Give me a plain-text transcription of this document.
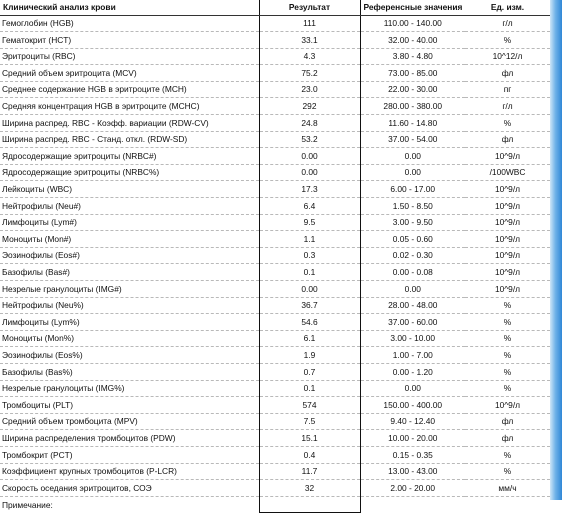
Клинический анализ крови	Результат	Референсные значения	Ед. изм.
Гемоглобин (HGB)	111	110.00 - 140.00	г/л
Гематокрит (HCT)	33.1	32.00 - 40.00	%
Эритроциты (RBC)	4.3	3.80 - 4.80	10^12/л
Средний объем эритроцита (MCV)	75.2	73.00 - 85.00	фл
Среднее содержание HGB в эритроците (MCH)	23.0	22.00 - 30.00	пг
Средняя концентрация HGB в эритроците (MCHC)	292	280.00 - 380.00	г/л
Ширина распред. RBC - Коэфф. вариации (RDW-CV)	24.8	11.60 - 14.80	%
Ширина распред. RBC - Станд. откл. (RDW-SD)	53.2	37.00 - 54.00	фл
Ядросодержащие эритроциты (NRBC#)	0.00	0.00	10^9/л
Ядросодержащие эритроциты (NRBC%)	0.00	0.00	/100WBC
Лейкоциты (WBC)	17.3	6.00 - 17.00	10^9/л
Нейтрофилы (Neu#)	6.4	1.50 - 8.50	10^9/л
Лимфоциты (Lym#)	9.5	3.00 - 9.50	10^9/л
Моноциты (Mon#)	1.1	0.05 - 0.60	10^9/л
Эозинофилы (Eos#)	0.3	0.02 - 0.30	10^9/л
Базофилы (Bas#)	0.1	0.00 - 0.08	10^9/л
Незрелые гранулоциты (IMG#)	0.00	0.00	10^9/л
Нейтрофилы (Neu%)	36.7	28.00 - 48.00	%
Лимфоциты (Lym%)	54.6	37.00 - 60.00	%
Моноциты (Mon%)	6.1	3.00 - 10.00	%
Эозинофилы (Eos%)	1.9	1.00 - 7.00	%
Базофилы (Bas%)	0.7	0.00 - 1.20	%
Незрелые гранулоциты (IMG%)	0.1	0.00	%
Тромбоциты (PLT)	574	150.00 - 400.00	10^9/л
Средний объем тромбоцита (MPV)	7.5	9.40 - 12.40	фл
Ширина распределения тромбоцитов (PDW)	15.1	10.00 - 20.00	фл
Тромбокрит (PCT)	0.4	0.15 - 0.35	%
Коэффициент крупных тромбоцитов (P-LCR)	11.7	13.00 - 43.00	%
Скорость оседания эритроцитов, СОЭ	32	2.00 - 20.00	мм/ч
Примечание:			
